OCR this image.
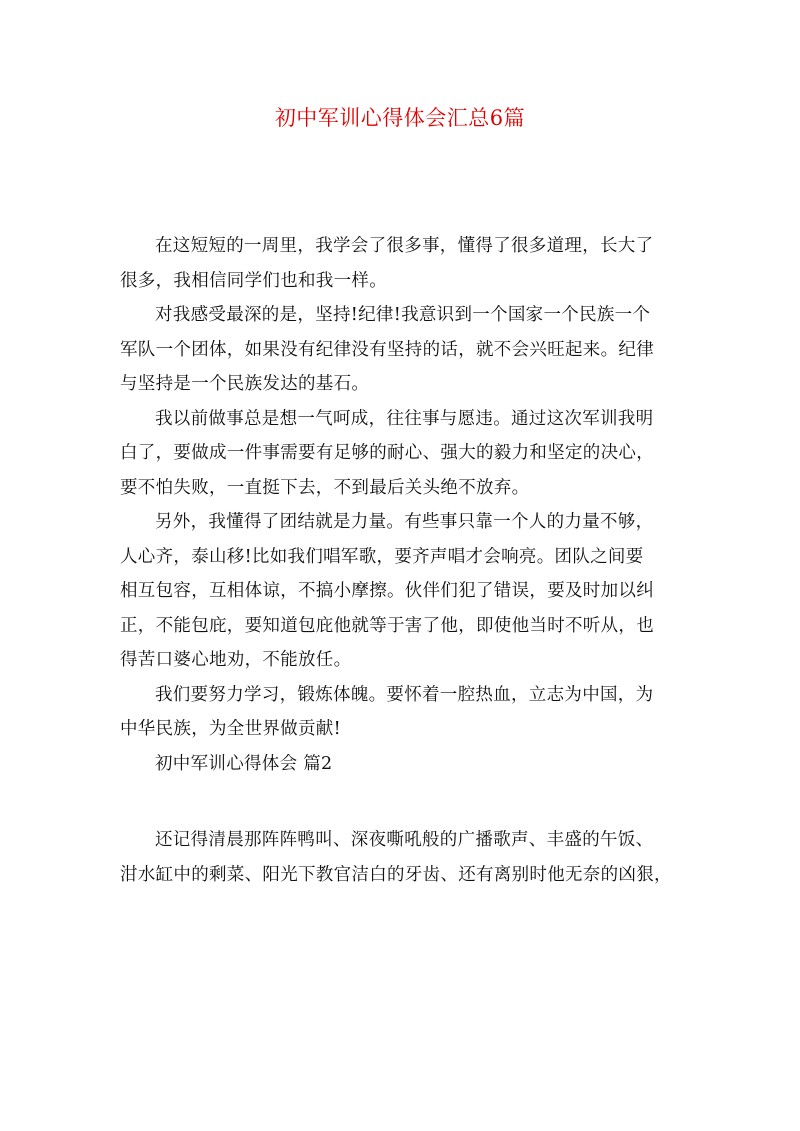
初中军训心得体会汇总6篇

在这短短的一周里，我学会了很多事，懂得了很多道理，长大了
很多，我相信同学们也和我一样。

对我感受最深的是，坚持!纪律!我意识到一个国家一个民族一个
军队一个团体，如果没有纪律没有坚持的话，就不会兴旺起来。纪律
与坚持是一个民族发达的基石。

我以前做事总是想一气呵成，往往事与愿违。通过这次军训我明
白了，要做成一件事需要有足够的耐心、强大的毅力和坚定的决心，
要不怕失败，一直挺下去，不到最后关头绝不放弃。

另外，我懂得了团结就是力量。有些事只靠一个人的力量不够，
人心齐，泰山移!比如我们唱军歌，要齐声唱才会响亮。团队之间要
相互包容，互相体谅，不搞小摩擦。伙伴们犯了错误，要及时加以纠
正，不能包庇，要知道包庇他就等于害了他，即使他当时不听从，也
得苦口婆心地劝，不能放任。

我们要努力学习，锻炼体魄。要怀着一腔热血，立志为中国，为
中华民族，为全世界做贡献!

初中军训心得体会 篇2

还记得清晨那阵阵鸭叫、深夜嘶吼般的广播歌声、丰盛的午饭、
泔水缸中的剩菜、阳光下教官洁白的牙齿、还有离别时他无奈的凶狠，
